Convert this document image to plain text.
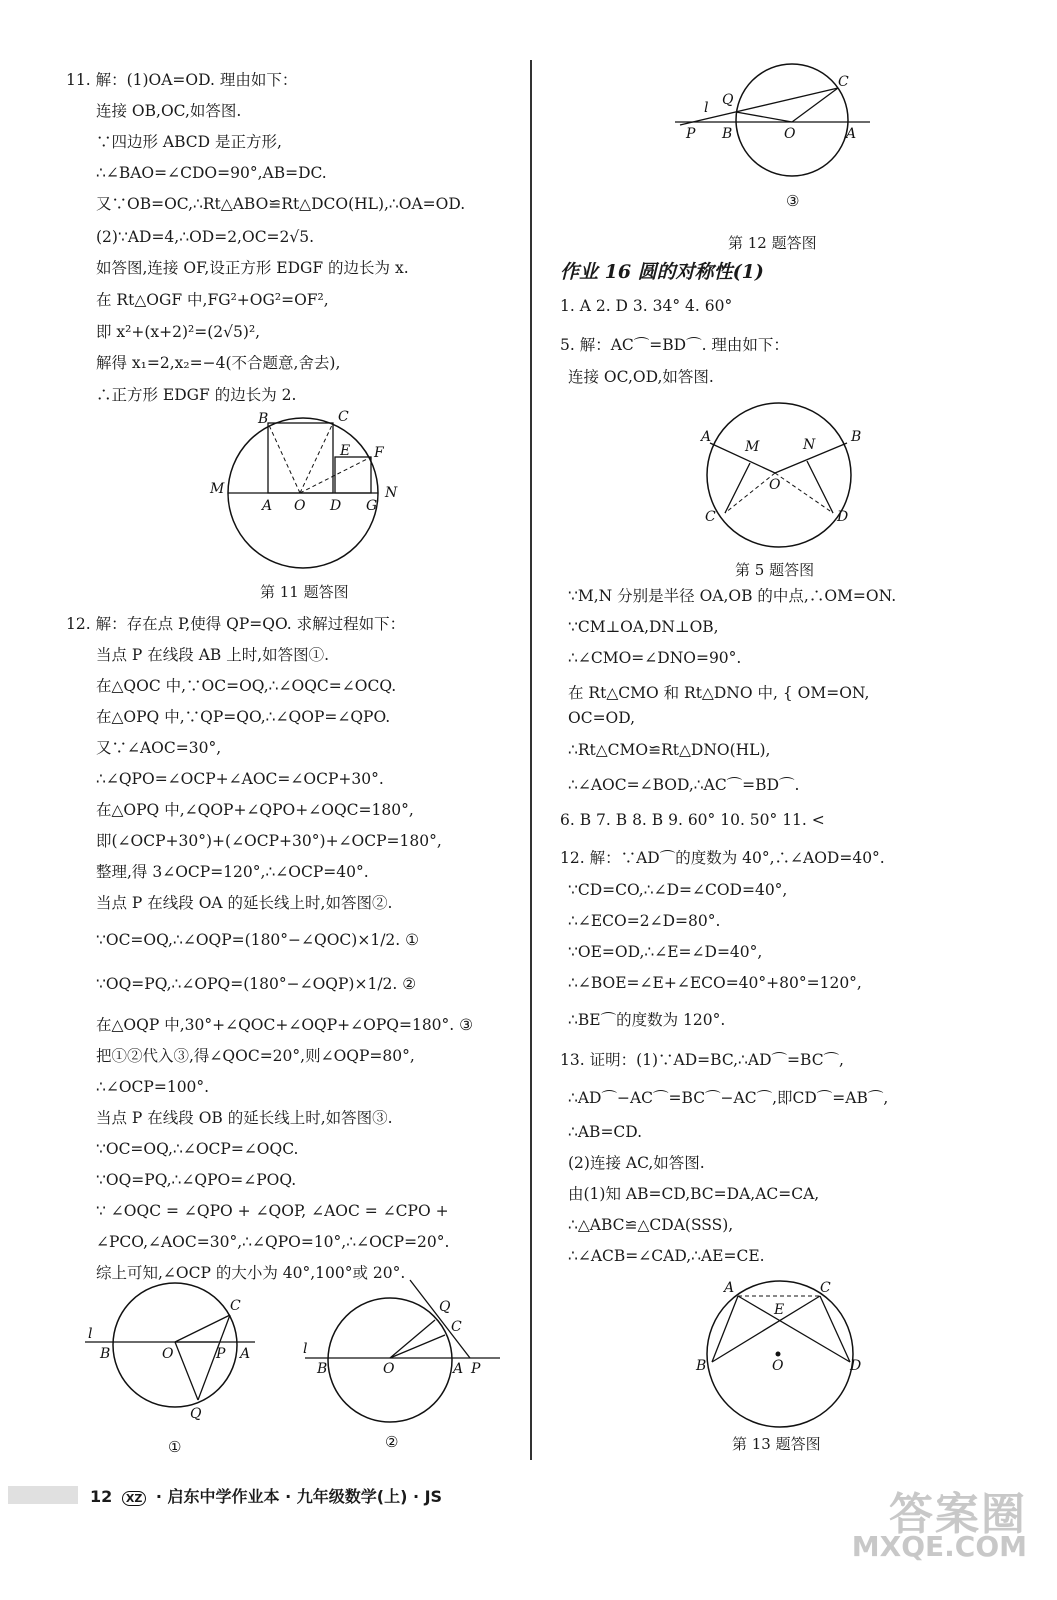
11. 解：(1)OA=OD. 理由如下：
连接 OB,OC,如答图.
∵四边形 ABCD 是正方形,
∴∠BAO=∠CDO=90°,AB=DC.
又∵OB=OC,∴Rt△ABO≌Rt△DCO(HL),∴OA=OD.
(2)∵AD=4,∴OD=2,OC=2√5.
如答图,连接 OF,设正方形 EDGF 的边长为 x.
在 Rt△OGF 中,FG²+OG²=OF²,
即 x²+(x+2)²=(2√5)²,
解得 x₁=2,x₂=−4(不合题意,舍去),
∴正方形 EDGF 的边长为 2.
第 11 题答图
12. 解：存在点 P,使得 QP=QO. 求解过程如下：
当点 P 在线段 AB 上时,如答图①.
在△QOC 中,∵OC=OQ,∴∠OQC=∠OCQ.
在△OPQ 中,∵QP=QO,∴∠QOP=∠QPO.
又∵∠AOC=30°,
∴∠QPO=∠OCP+∠AOC=∠OCP+30°.
在△OPQ 中,∠QOP+∠QPO+∠OQC=180°,
即(∠OCP+30°)+(∠OCP+30°)+∠OCP=180°,
整理,得 3∠OCP=120°,∴∠OCP=40°.
当点 P 在线段 OA 的延长线上时,如答图②.
∵OC=OQ,∴∠OQP=(180°−∠QOC)×1/2. ①
∵OQ=PQ,∴∠OPQ=(180°−∠OQP)×1/2. ②
在△OQP 中,30°+∠QOC+∠OQP+∠OPQ=180°. ③
把①②代入③,得∠QOC=20°,则∠OQP=80°,
∴∠OCP=100°.
当点 P 在线段 OB 的延长线上时,如答图③.
∵OC=OQ,∴∠OCP=∠OQC.
∵OQ=PQ,∴∠QPO=∠POQ.
∵ ∠OQC = ∠QPO + ∠QOP, ∠AOC = ∠CPO +
∠PCO,∠AOC=30°,∴∠QPO=10°,∴∠OCP=20°.
综上可知,∠OCP 的大小为 40°,100°或 20°.
B	C
E F
M
A O D G
N
l
B	O
C
P A
Q
①
l
B	O
Q
C
A P
②
第 12 题答图
作业 16 圆的对称性(1)
1. A 2. D 3. 34° 4. 60°
5. 解：AC⌒=BD⌒. 理由如下：
连接 OC,OD,如答图.
第 5 题答图
∵M,N 分别是半径 OA,OB 的中点,∴OM=ON.
∵CM⊥OA,DN⊥OB,
∴∠CMO=∠DNO=90°.
在 Rt△CMO 和 Rt△DNO 中, { OM=ON,
OC=OD,
∴Rt△CMO≌Rt△DNO(HL),
∴∠AOC=∠BOD,∴AC⌒=BD⌒.
6. B 7. B 8. B 9. 60° 10. 50° 11. <
12. 解：∵AD⌒的度数为 40°,∴∠AOD=40°.
∵CD=CO,∴∠D=∠COD=40°,
∴∠ECO=2∠D=80°.
∵OE=OD,∴∠E=∠D=40°,
∴∠BOE=∠E+∠ECO=40°+80°=120°,
∴BE⌒的度数为 120°.
13. 证明：(1)∵AD=BC,∴AD⌒=BC⌒,
∴AD⌒−AC⌒=BC⌒−AC⌒,即CD⌒=AB⌒,
∴AB=CD.
(2)连接 AC,如答图.
由(1)知 AB=CD,BC=DA,AC=CA,
∴△ABC≌△CDA(SSS),
∴∠ACB=∠CAD,∴AE=CE.
第 13 题答图
l Q
C
P B	O	A
③
A
M	N	B
O
C	D
A	C
E
O
B	D
12 XZ · 启东中学作业本 · 九年级数学(上) · JS	答案圈
MXQE.COM
